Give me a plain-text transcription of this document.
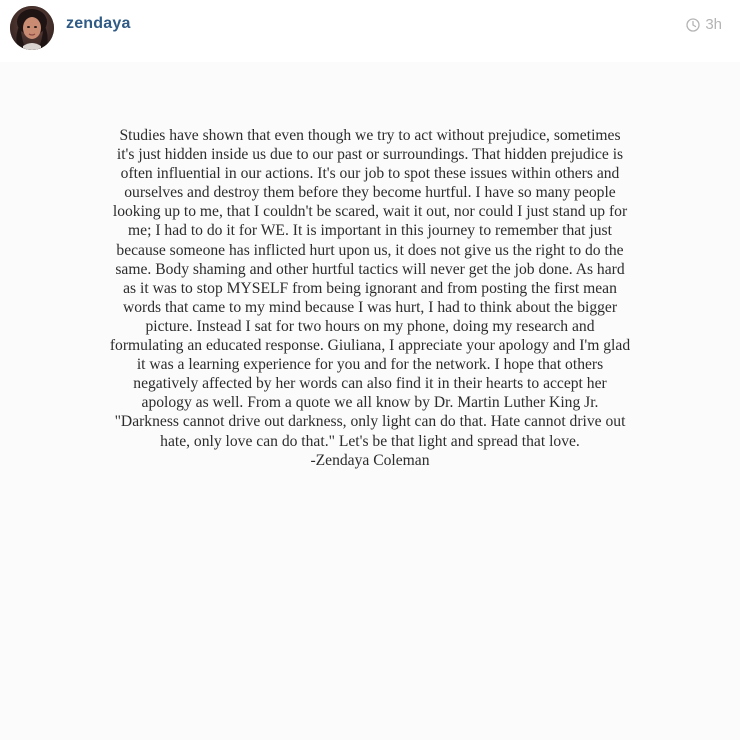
zendaya	3h

Studies have shown that even though we try to act without prejudice, sometimes
it's just hidden inside us due to our past or surroundings. That hidden prejudice is
often influential in our actions. It's our job to spot these issues within others and
ourselves and destroy them before they become hurtful. I have so many people
looking up to me, that I couldn't be scared, wait it out, nor could I just stand up for
me; I had to do it for WE. It is important in this journey to remember that just
because someone has inflicted hurt upon us, it does not give us the right to do the
same. Body shaming and other hurtful tactics will never get the job done. As hard
as it was to stop MYSELF from being ignorant and from posting the first mean
words that came to my mind because I was hurt, I had to think about the bigger
picture. Instead I sat for two hours on my phone, doing my research and
formulating an educated response. Giuliana, I appreciate your apology and I'm glad
it was a learning experience for you and for the network. I hope that others
negatively affected by her words can also find it in their hearts to accept her
apology as well. From a quote we all know by Dr. Martin Luther King Jr.
"Darkness cannot drive out darkness, only light can do that. Hate cannot drive out
hate, only love can do that." Let's be that light and spread that love.
-Zendaya Coleman
